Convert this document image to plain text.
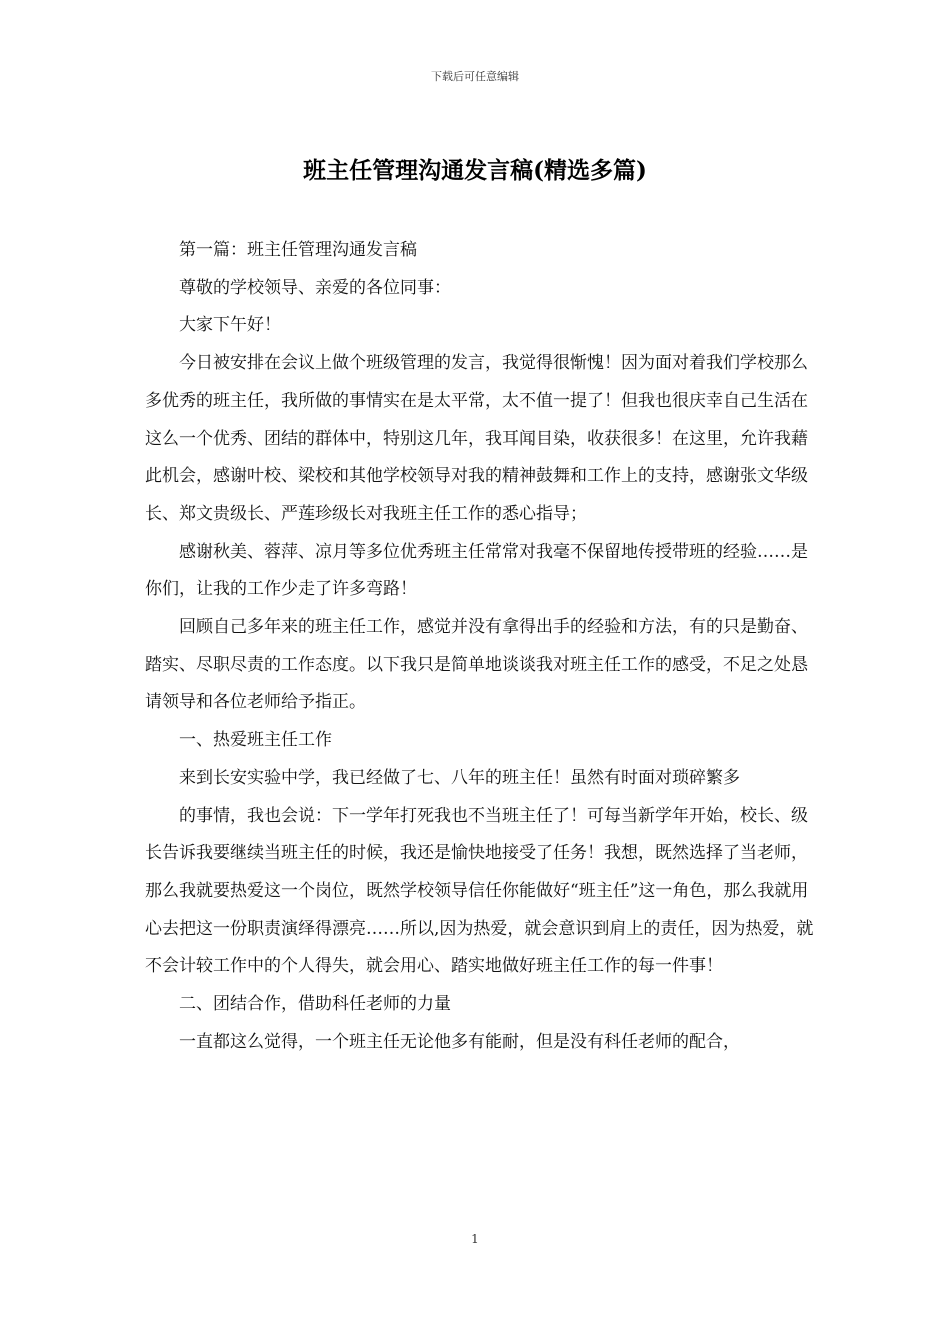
下载后可任意编辑
班主任管理沟通发言稿(精选多篇)

第一篇：班主任管理沟通发言稿

尊敬的学校领导、亲爱的各位同事：

大家下午好！

今日被安排在会议上做个班级管理的发言，我觉得很惭愧！因为面对着我们学校那么多优秀的班主任，我所做的事情实在是太平常，太不值一提了！但我也很庆幸自己生活在这么一个优秀、团结的群体中，特别这几年，我耳闻目染，收获很多！在这里，允许我藉此机会，感谢叶校、梁校和其他学校领导对我的精神鼓舞和工作上的支持，感谢张文华级长、郑文贵级长、严莲珍级长对我班主任工作的悉心指导；

感谢秋美、蓉萍、凉月等多位优秀班主任常常对我毫不保留地传授带班的经验……是你们，让我的工作少走了许多弯路！

回顾自己多年来的班主任工作，感觉并没有拿得出手的经验和方法，有的只是勤奋、踏实、尽职尽责的工作态度。以下我只是简单地谈谈我对班主任工作的感受，不足之处恳请领导和各位老师给予指正。

一、热爱班主任工作

来到长安实验中学，我已经做了七、八年的班主任！虽然有时面对琐碎繁多

的事情，我也会说：下一学年打死我也不当班主任了！可每当新学年开始，校长、级长告诉我要继续当班主任的时候，我还是愉快地接受了任务！我想，既然选择了当老师，那么我就要热爱这一个岗位，既然学校领导信任你能做好“班主任”这一角色，那么我就用心去把这一份职责演绎得漂亮……所以,因为热爱，就会意识到肩上的责任，因为热爱，就不会计较工作中的个人得失，就会用心、踏实地做好班主任工作的每一件事！

二、团结合作，借助科任老师的力量

一直都这么觉得，一个班主任无论他多有能耐，但是没有科任老师的配合，

1
